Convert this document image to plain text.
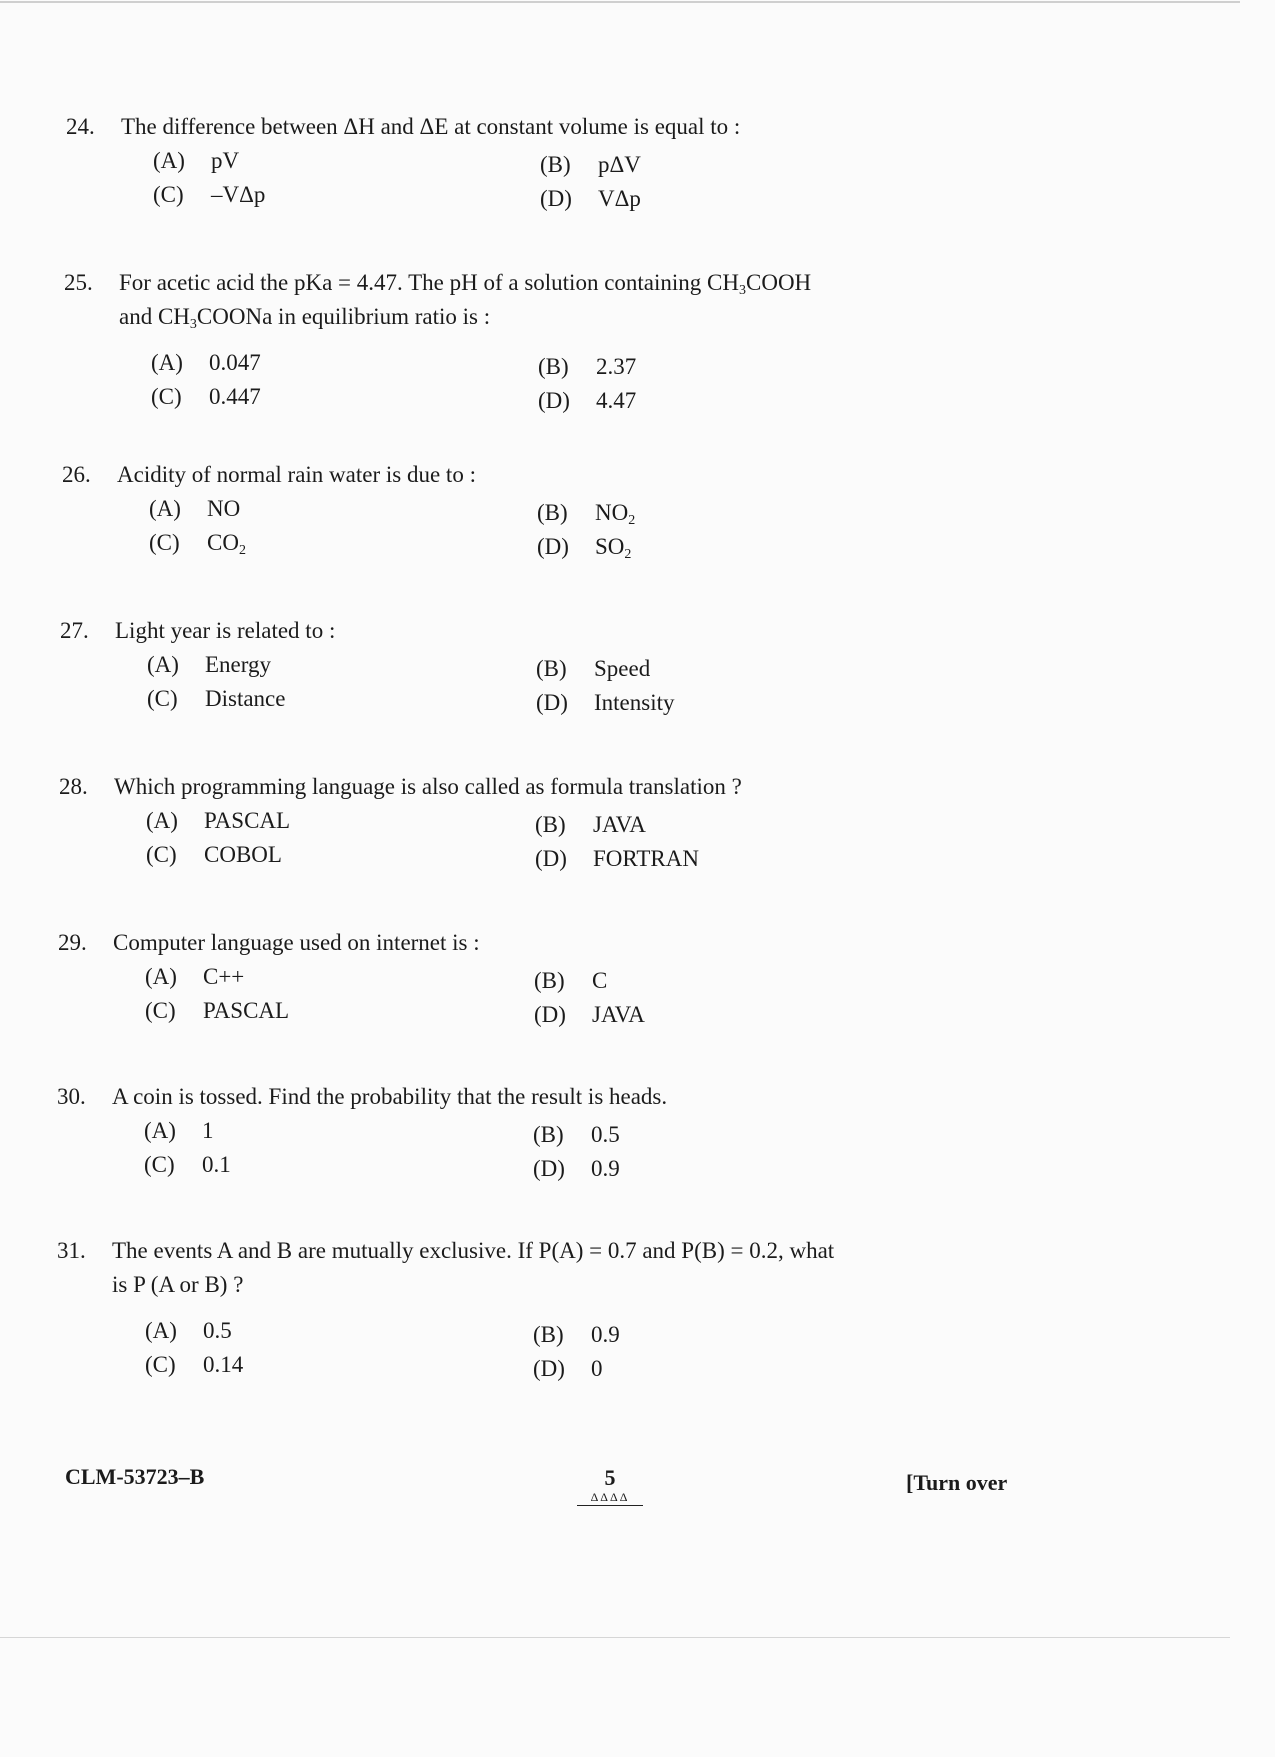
24. The difference between ΔH and ΔE at constant volume is equal to :
(A) pV	(B) pΔV
(C) –VΔp	(D) VΔp
25. For acetic acid the pKa = 4.47. The pH of a solution containing $CH_3COOH$
and $CH_3COONa$ in equilibrium ratio is :
(A) 0.047	(B) 2.37
(C) 0.447	(D) 4.47
26. Acidity of normal rain water is due to :
(A) NO	(B) $NO_2$
(C) $CO_2$	(D) $SO_2$
27. Light year is related to :
(A) Energy	(B) Speed
(C) Distance	(D) Intensity
28. Which programming language is also called as formula translation ?
(A) PASCAL	(B) JAVA
(C) COBOL	(D) FORTRAN
29. Computer language used on internet is :
(A) C++	(B) C
(C) PASCAL	(D) JAVA
30. A coin is tossed. Find the probability that the result is heads.
(A) 1	(B) 0.5
(C) 0.1	(D) 0.9
31. The events A and B are mutually exclusive. If P(A) = 0.7 and P(B) = 0.2, what
is P (A or B) ?
(A) 0.5	(B) 0.9
(C) 0.14	(D) 0
CLM-53723–B	5
ΔΔΔΔ
[Turn over
